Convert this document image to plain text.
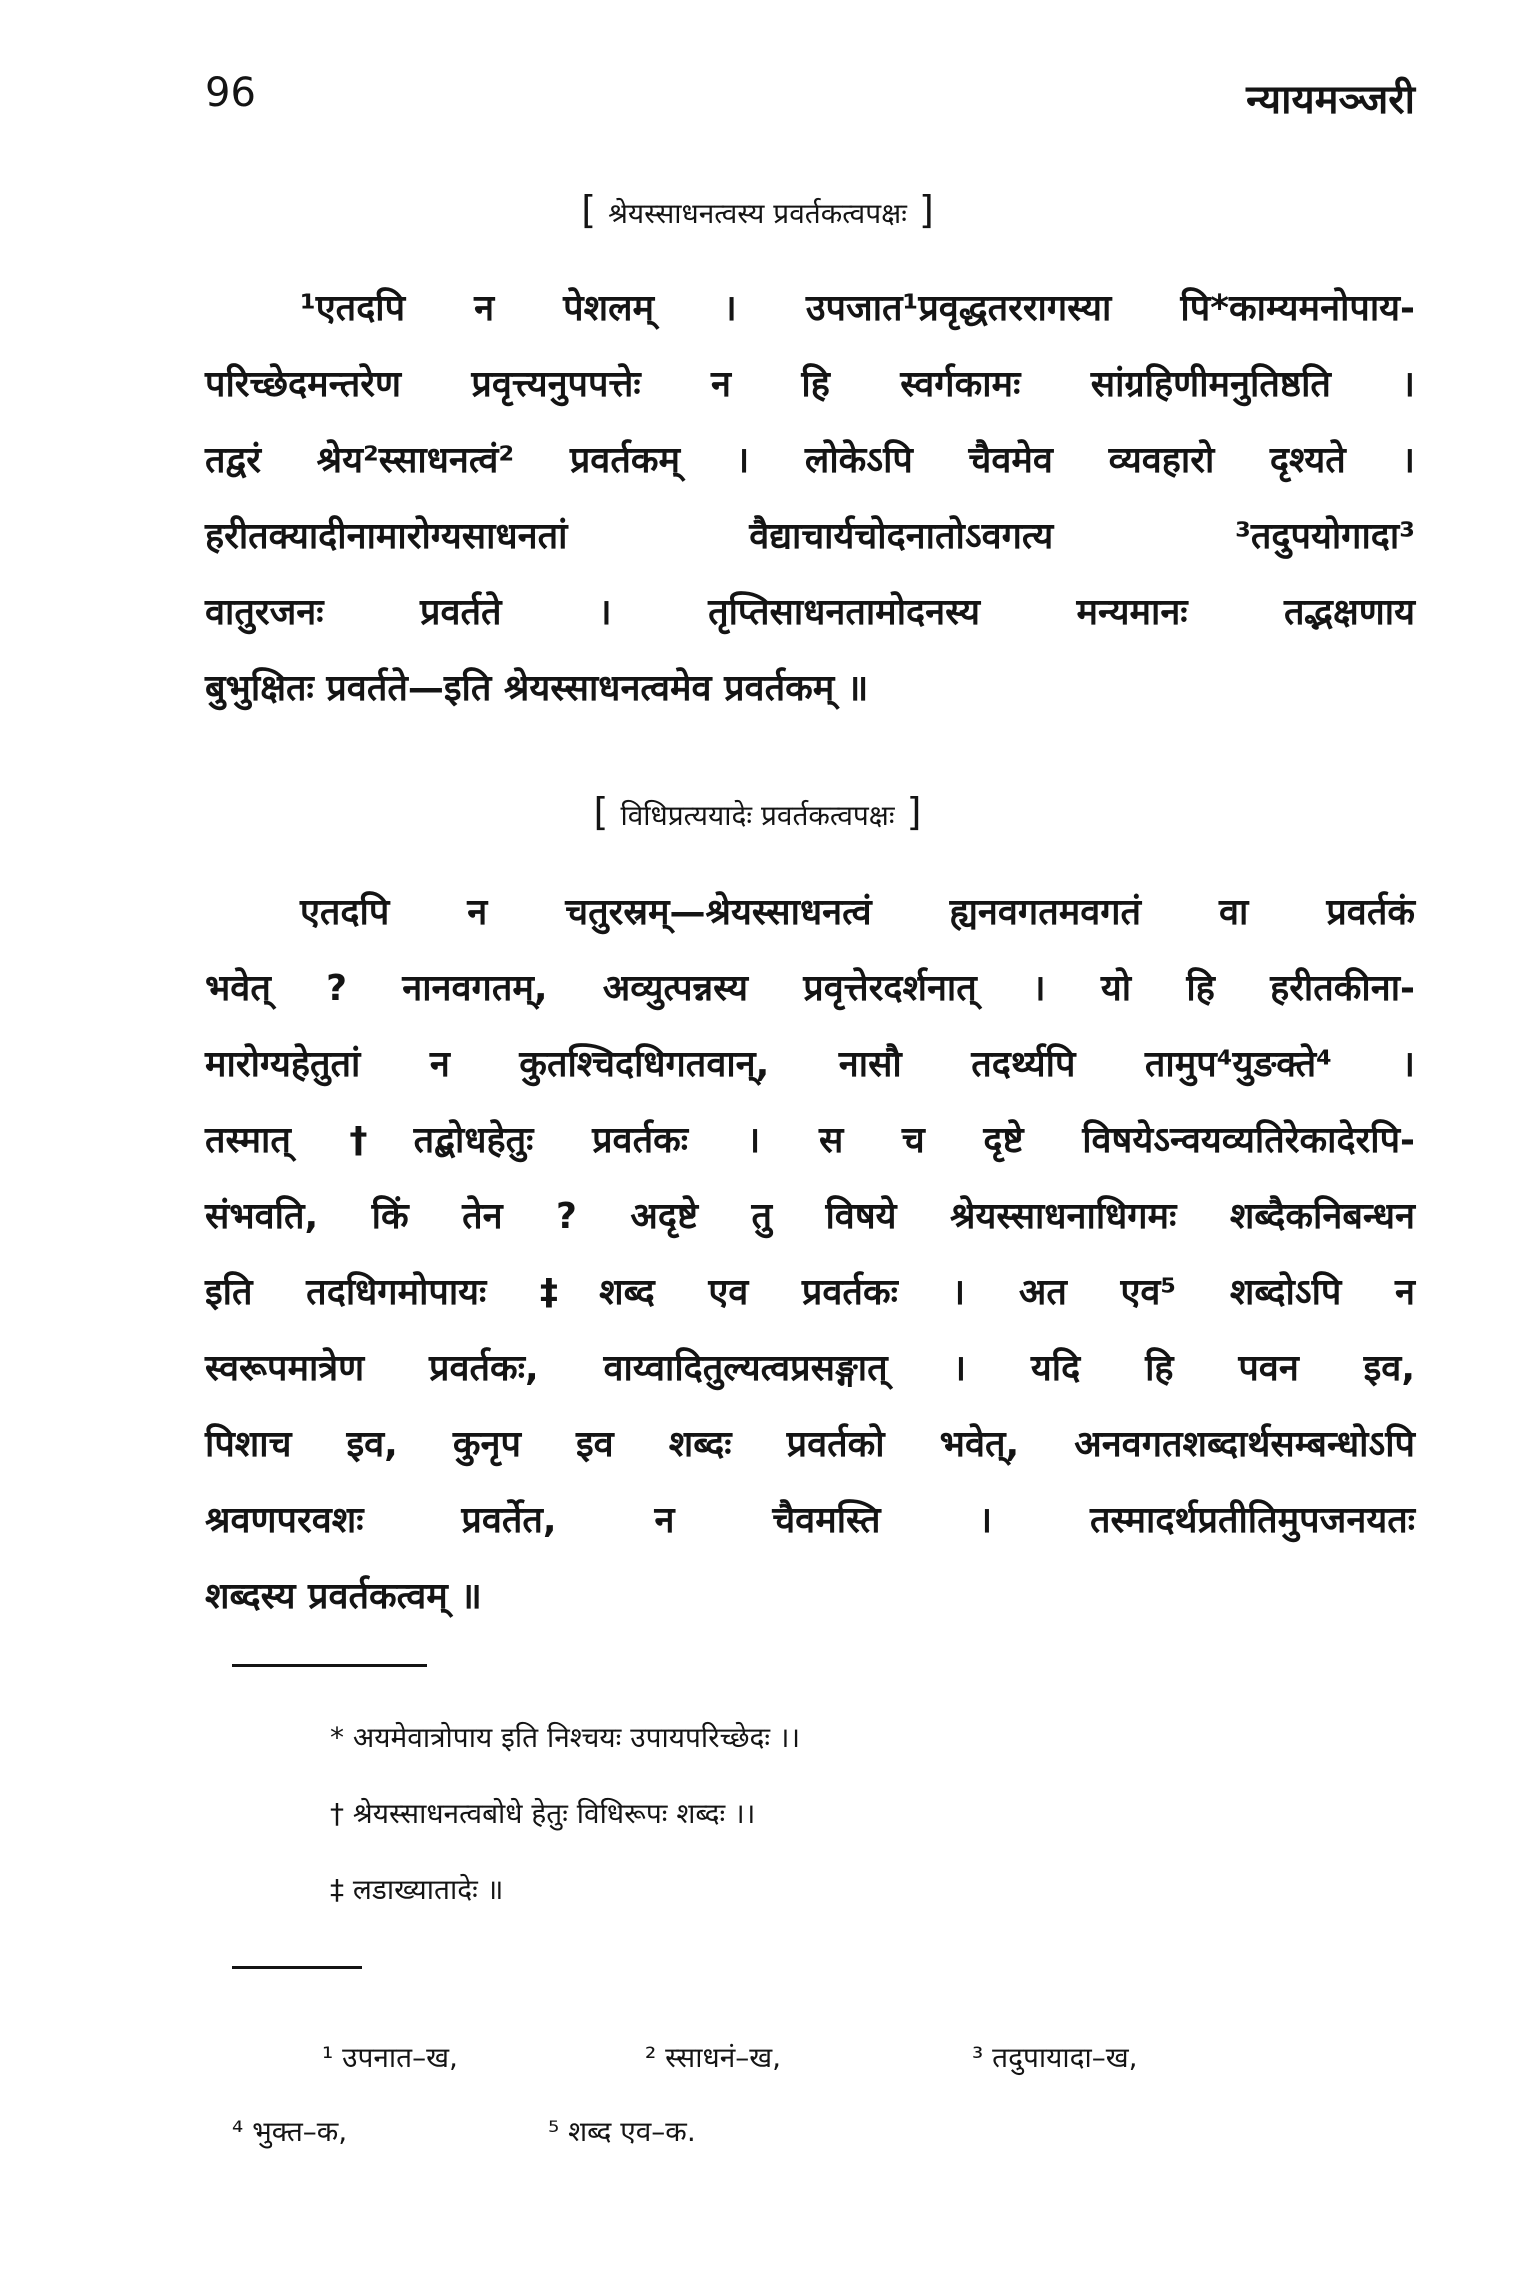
96	न्यायमञ्जरी
[ श्रेयस्साधनत्वस्य प्रवर्तकत्वपक्षः ]
¹एतदपि न पेशलम् । उपजात¹प्रवृद्धतररागस्या पि*काम्यमनोपाय-
परिच्छेदमन्तरेण प्रवृत्त्यनुपपत्तेः न हि स्वर्गकामः सांग्रहिणीमनुतिष्ठति ।
तद्वरं श्रेय²स्साधनत्वं² प्रवर्तकम् । लोकेऽपि चैवमेव व्यवहारो दृश्यते ।
हरीतक्यादीनामारोग्यसाधनतां वैद्याचार्यचोदनातोऽवगत्य ³तदुपयोगादा³
वातुरजनः प्रवर्तते । तृप्तिसाधनतामोदनस्य मन्यमानः तद्भक्षणाय
बुभुक्षितः प्रवर्तते—इति श्रेयस्साधनत्वमेव प्रवर्तकम् ॥
[ विधिप्रत्ययादेः प्रवर्तकत्वपक्षः ]
एतदपि न चतुरस्रम्—श्रेयस्साधनत्वं ह्यनवगतमवगतं वा प्रवर्तकं
भवेत् ? नानवगतम्, अव्युत्पन्नस्य प्रवृत्तेरदर्शनात् । यो हि हरीतकीना-
मारोग्यहेतुतां न कुतश्चिदधिगतवान्, नासौ तदर्थ्यपि तामुप⁴युङक्ते⁴ ।
तस्मात् †तद्बोधहेतुः प्रवर्तकः । स च दृष्टे विषयेऽन्वयव्यतिरेकादेरपि-
संभवति, किं तेन ? अदृष्टे तु विषये श्रेयस्साधनाधिगमः शब्दैकनिबन्धन
इति तदधिगमोपायः ‡शब्द एव प्रवर्तकः । अत एव⁵ शब्दोऽपि न
स्वरूपमात्रेण प्रवर्तकः, वाय्वादितुल्यत्वप्रसङ्गात् । यदि हि पवन इव,
पिशाच इव, कुनृप इव शब्दः प्रवर्तको भवेत्, अनवगतशब्दार्थसम्बन्धोऽपि
श्रवणपरवशः प्रवर्तेत, न चैवमस्ति । तस्मादर्थप्रतीतिमुपजनयतः
शब्दस्य प्रवर्तकत्वम् ॥
* अयमेवात्रोपाय इति निश्चयः उपायपरिच्छेदः ।।
† श्रेयस्साधनत्वबोधे हेतुः विधिरूपः शब्दः ।।
‡ लडाख्यातादेः ॥
¹ उपनात–ख,	² स्साधनं–ख,	³ तदुपायादा–ख,
⁴ भुक्त–क,	⁵ शब्द एव–क.
